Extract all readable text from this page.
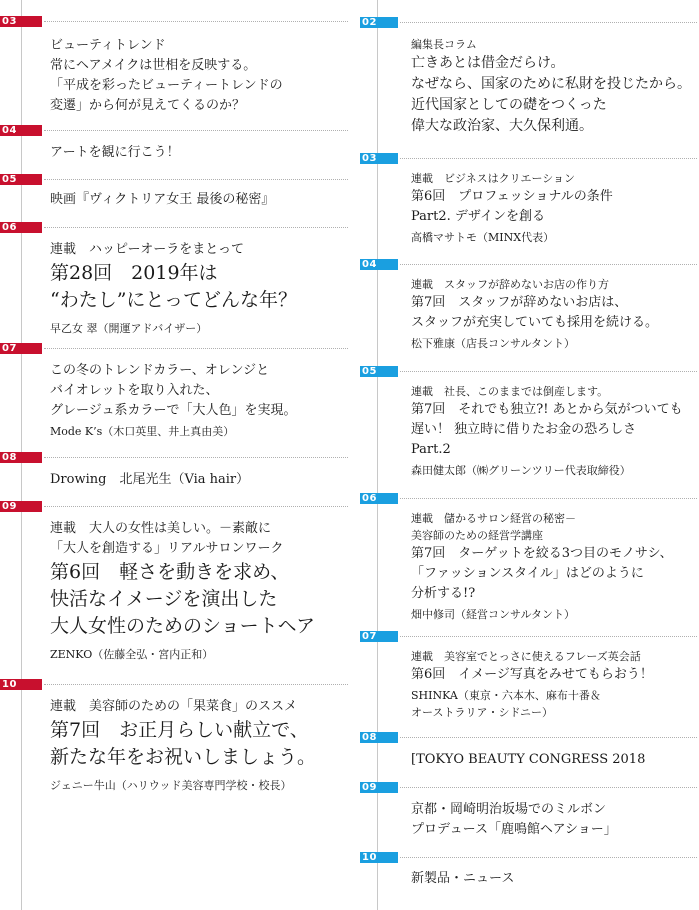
03

ビューティトレンド

常にヘアメイクは世相を反映する。

「平成を彩ったビューティートレンドの

変遷」から何が見えてくるのか？

04

アートを観に行こう！

05

映画『ヴィクトリア女王 最後の秘密』

06

連載　ハッピーオーラをまとって

第28回　2019年は

“わたし”にとってどんな年？

早乙女 翠（開運アドバイザー）

07

この冬のトレンドカラー、オレンジと

バイオレットを取り入れた、

グレージュ系カラーで「大人色」を実現。

Mode K’s（木口英里、井上真由美）

08

Drowing　北尾光生（Via hair）

09

連載　大人の女性は美しい。－素敵に

「大人を創造する」リアルサロンワーク

第6回　軽さを動きを求め、

快活なイメージを演出した

大人女性のためのショートヘア

ZENKO（佐藤全弘・宮内正和）

10

連載　美容師のための「果菜食」のススメ

第7回　お正月らしい献立で、

新たな年をお祝いしましょう。

ジェニー牛山（ハリウッド美容専門学校・校長）

02

編集長コラム

亡きあとは借金だらけ。

なぜなら、国家のために私財を投じたから。

近代国家としての礎をつくった

偉大な政治家、大久保利通。

03

連載　ビジネスはクリエーション

第6回　プロフェッショナルの条件

Part2. デザインを創る

高橋マサトモ（MINX代表）

04

連載　スタッフが辞めないお店の作り方

第7回　スタッフが辞めないお店は、

スタッフが充実していても採用を続ける。

松下雅康（店長コンサルタント）

05

連載　社長、このままでは倒産します。

第7回　それでも独立?! あとから気がついても

遅い！ 独立時に借りたお金の恐ろしさ

Part.2

森田健太郎（㈱グリーンツリー代表取締役）

06

連載　儲かるサロン経営の秘密－

美容師のための経営学講座

第7回　ターゲットを絞る3つ目のモノサシ、

「ファッションスタイル」はどのように

分析する!?

畑中修司（経営コンサルタント）

07

連載　美容室でとっさに使えるフレーズ英会話

第6回　イメージ写真をみせてもらおう！

SHINKA（東京・六本木、麻布十番＆

オーストラリア・シドニー）

08

[TOKYO BEAUTY CONGRESS 2018

09

京都・岡崎明治坂場でのミルボン

プロデュース「鹿鳴館ヘアショー」

10

新製品・ニュース
